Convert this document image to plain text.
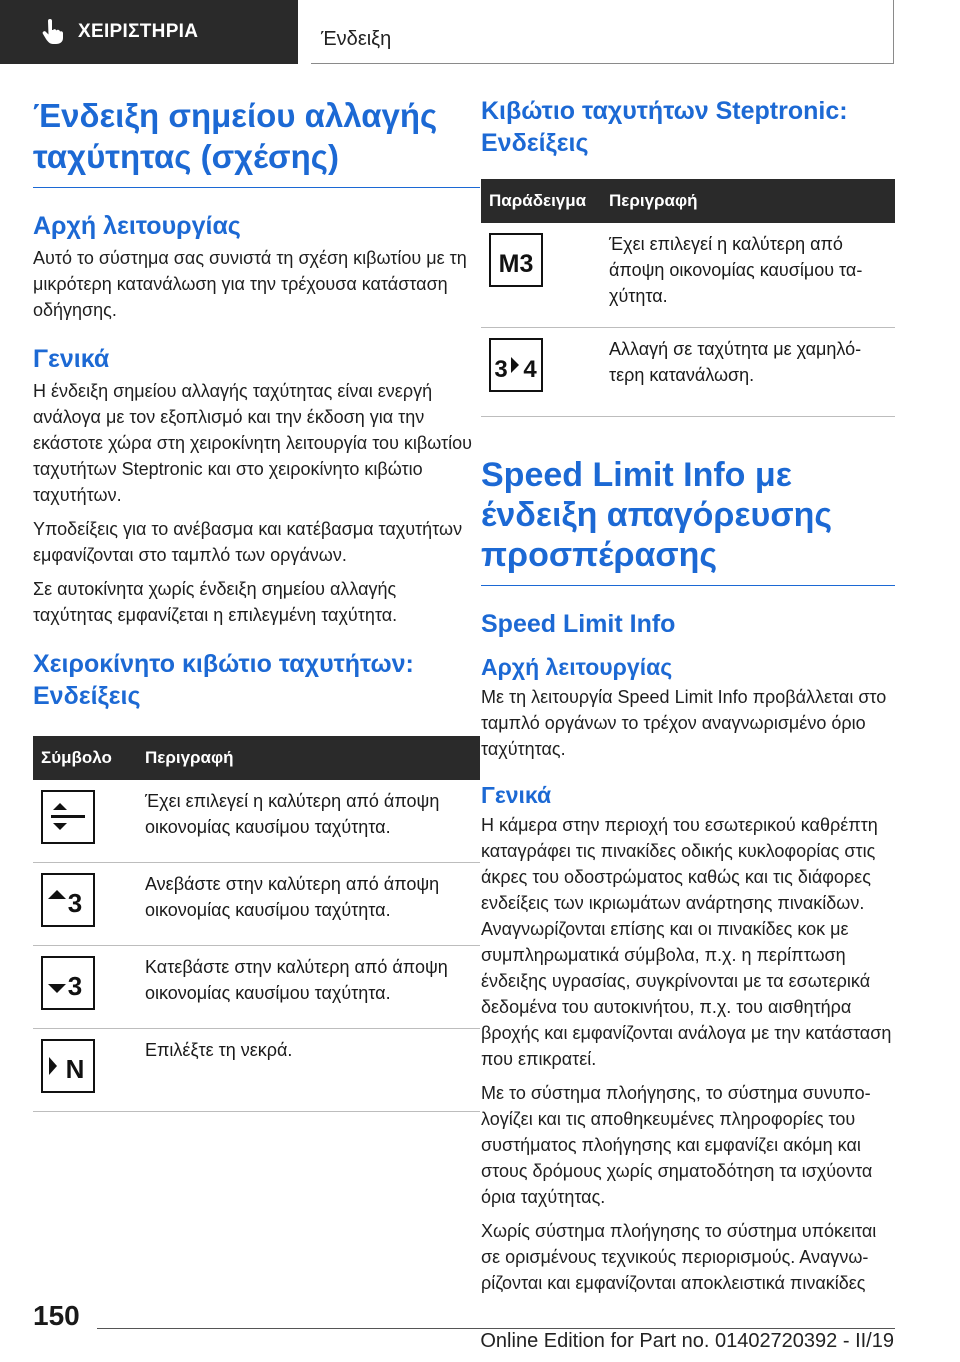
ΧΕΙΡΙΣΤΗΡΙΑ	Ένδειξη
Ένδειξη σημείου αλλαγής ταχύτητας (σχέσης)
Αρχή λειτουργίας

Αυτό το σύστημα σας συνιστά τη σχέση κιβωτίου με τη μικρότερη κατανάλωση για την τρέχουσα κατάσταση οδήγησης.

Γενικά

Η ένδειξη σημείου αλλαγής ταχύτητας είναι ενεργή ανάλογα με τον εξοπλισμό και την έκδοση για την εκάστοτε χώρα στη χειροκίνητη λειτουργία του κιβωτίου ταχυτήτων Steptronic και στο χειροκίνητο κιβώτιο ταχυτήτων.

Υποδείξεις για το ανέβασμα και κατέβασμα ταχυτήτων εμφανίζονται στο ταμπλό των οργάνων.

Σε αυτοκίνητα χωρίς ένδειξη σημείου αλλαγής ταχύτητας εμφανίζεται η επιλεγμένη ταχύτητα.

Χειροκίνητο κιβώτιο ταχυτήτων: Ενδείξεις
Σύμβολο	Περιγραφή

	Έχει επιλεγεί η καλύτερη από άποψη οικονομίας καυσίμου ταχύτητα.

3	Ανεβάστε στην καλύτερη από άποψη οικονομίας καυσίμου ταχύτητα.

3	Κατεβάστε στην καλύτερη από άποψη οικονομίας καυσίμου ταχύτητα.

N	Επιλέξτε τη νεκρά.
Κιβώτιο ταχυτήτων Steptronic: Ενδείξεις
Παράδειγμα	Περιγραφή

M3	Έχει επιλεγεί η καλύτερη από άποψη οικονομίας καυσίμου ταχύτητα.

3 4	Αλλαγή σε ταχύτητα με χαμηλότερη κατανάλωση.
Speed Limit Info με ένδειξη απαγόρευσης προσπέρασης
Speed Limit Info
Αρχή λειτουργίας

Με τη λειτουργία Speed Limit Info προβάλλεται στο ταμπλό οργάνων το τρέχον αναγνωρισμένο όριο ταχύτητας.

Γενικά

Η κάμερα στην περιοχή του εσωτερικού καθρέπτη καταγράφει τις πινακίδες οδικής κυκλοφορίας στις άκρες του οδοστρώματος καθώς και τις διάφορες ενδείξεις των ικριωμάτων ανάρτησης πινακίδων. Αναγνωρίζονται επίσης και οι πινακίδες κοκ με συμπληρωματικά σύμβολα, π.χ. η περίπτωση ένδειξης υγρασίας, συγκρίνονται με τα εσωτερικά δεδομένα του αυτοκινήτου, π.χ. του αισθητήρα βροχής και εμφανίζονται ανάλογα με την κατάσταση που επικρατεί.

Με το σύστημα πλοήγησης, το σύστημα συνυπολογίζει και τις αποθηκευμένες πληροφορίες του συστήματος πλοήγησης και εμφανίζει ακόμη και στους δρόμους χωρίς σηματοδότηση τα ισχύοντα όρια ταχύτητας.

Χωρίς σύστημα πλοήγησης το σύστημα υπόκειται σε ορισμένους τεχνικούς περιορισμούς. Αναγνωρίζονται και εμφανίζονται αποκλειστικά πινακίδες

150
Online Edition for Part no. 01402720392 - II/19
